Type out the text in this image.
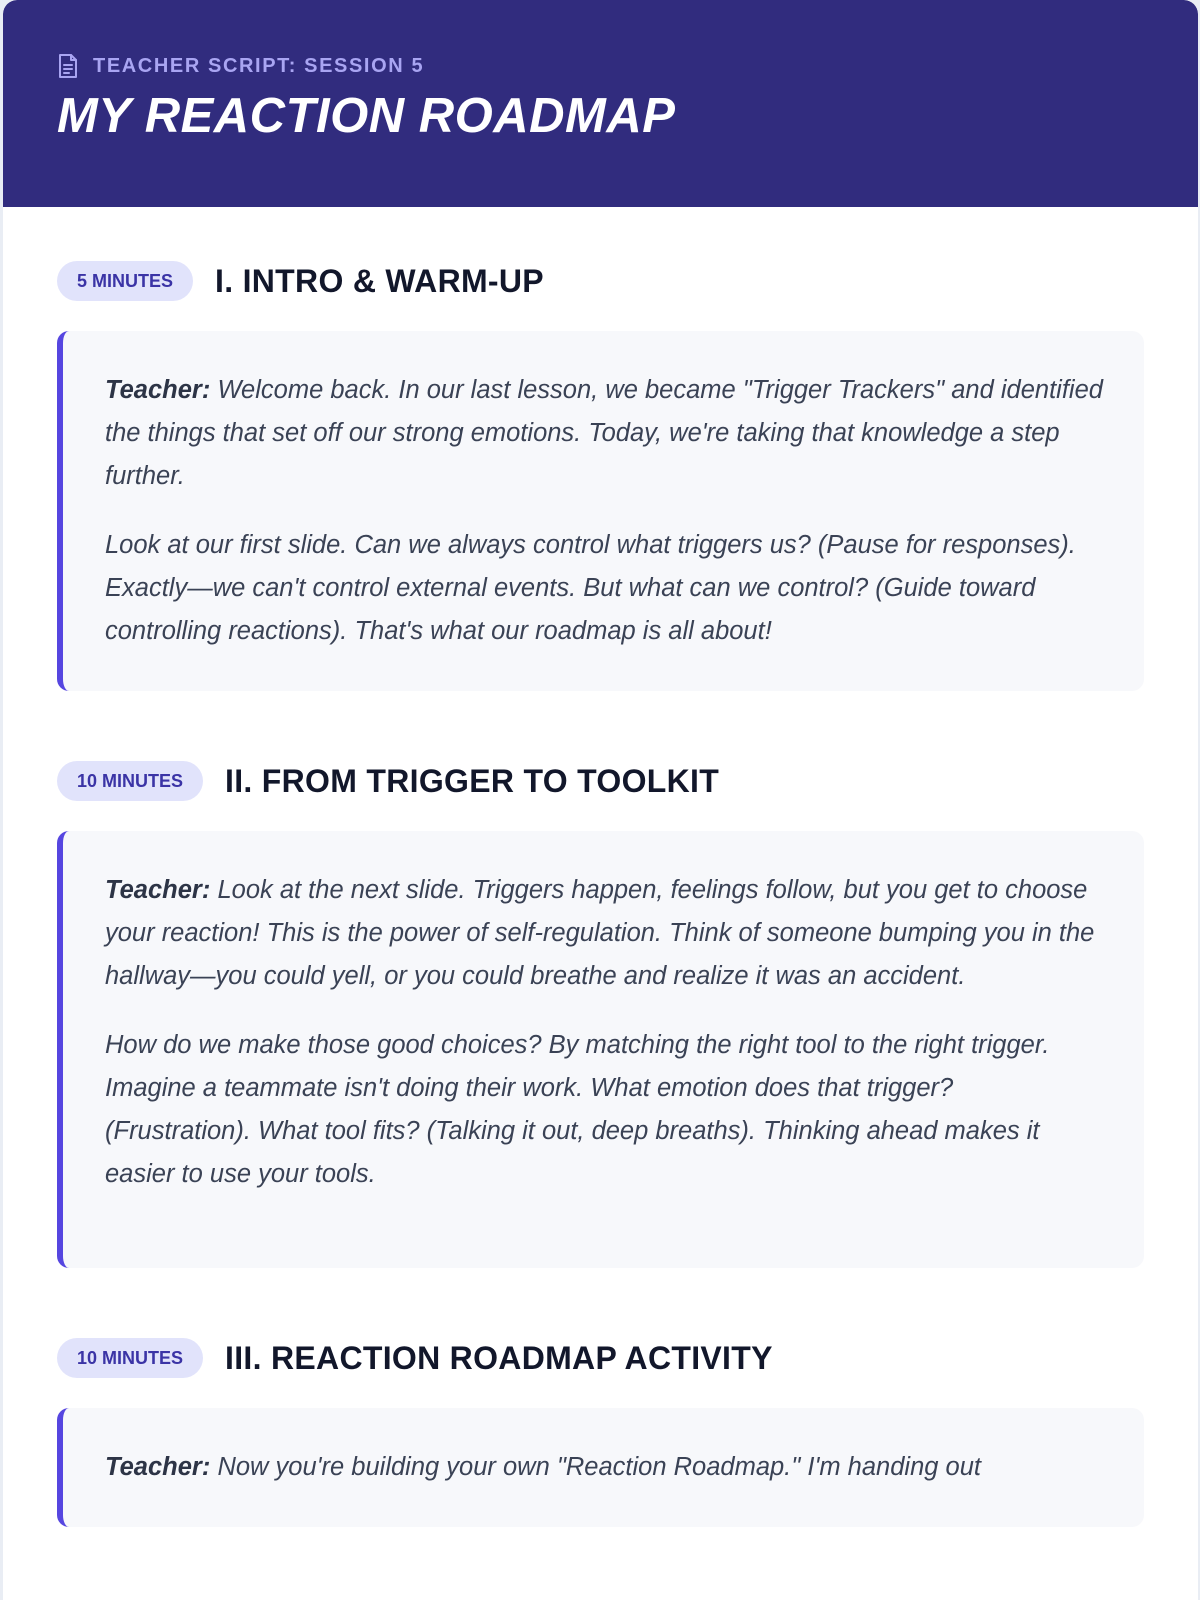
TEACHER SCRIPT: SESSION 5
MY REACTION ROADMAP
5 MINUTES	I. INTRO & WARM-UP

Teacher: Welcome back. In our last lesson, we became "Trigger Trackers" and identified the things that set off our strong emotions. Today, we're taking that knowledge a step further.

Look at our first slide. Can we always control what triggers us? (Pause for responses). Exactly—we can't control external events. But what can we control? (Guide toward controlling reactions). That's what our roadmap is all about!

10 MINUTES	II. FROM TRIGGER TO TOOLKIT

Teacher: Look at the next slide. Triggers happen, feelings follow, but you get to choose your reaction! This is the power of self-regulation. Think of someone bumping you in the hallway—you could yell, or you could breathe and realize it was an accident.

How do we make those good choices? By matching the right tool to the right trigger. Imagine a teammate isn't doing their work. What emotion does that trigger? (Frustration). What tool fits? (Talking it out, deep breaths). Thinking ahead makes it easier to use your tools.

10 MINUTES	III. REACTION ROADMAP ACTIVITY

Teacher: Now you're building your own "Reaction Roadmap." I'm handing out
